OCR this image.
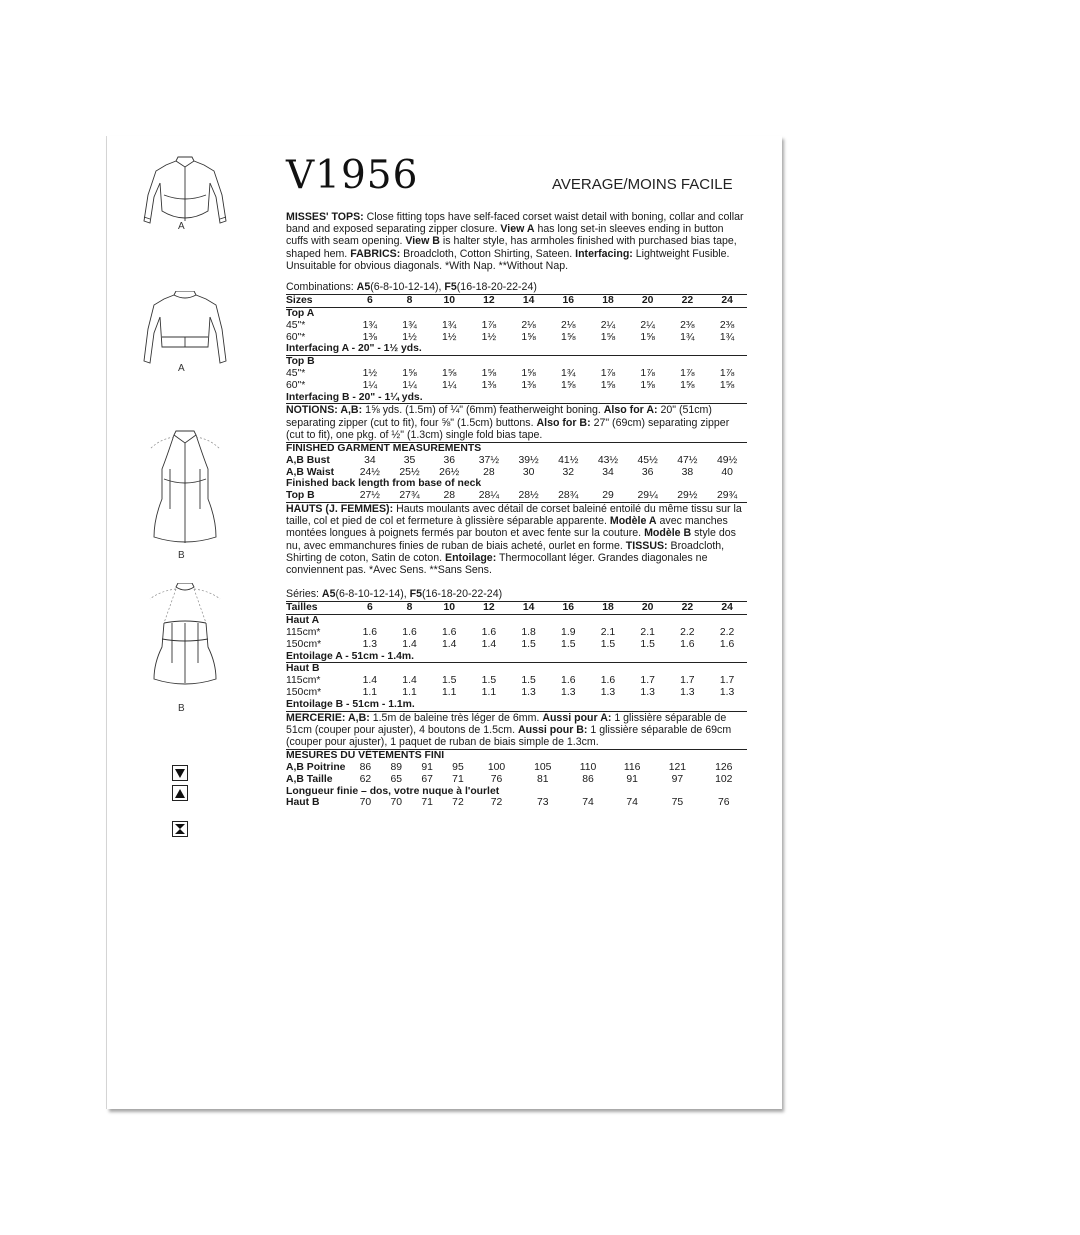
A
A
B
B
V1956	AVERAGE/MOINS FACILE

MISSES' TOPS: Close fitting tops have self-faced corset waist detail with boning, collar and collar band and exposed separating zipper closure. View A has long set-in sleeves ending in button cuffs with seam opening. View B is halter style, has armholes finished with purchased bias tape, shaped hem. FABRICS: Broadcloth, Cotton Shirting, Sateen. Interfacing: Lightweight Fusible. Unsuitable for obvious diagonals. *With Nap. **Without Nap.

Combinations: A5(6-8-10-12-14), F5(16-18-20-22-24)
Sizes	6	8	10	12	14	16	18	20	22	24
Top A										
45"*	1¾	1¾	1¾	1⅞	2⅛	2⅛	2¼	2¼	2⅜	2⅜
60"*	1⅜	1½	1½	1½	1⅝	1⅝	1⅝	1⅝	1¾	1¾
Interfacing A - 20" - 1½ yds.										
Top B										
45"*	1½	1⅝	1⅝	1⅝	1⅝	1¾	1⅞	1⅞	1⅞	1⅞
60"*	1¼	1¼	1¼	1⅜	1⅜	1⅝	1⅝	1⅝	1⅝	1⅝
Interfacing B - 20" - 1¼ yds.										

NOTIONS: A,B: 1⅝ yds. (1.5m) of ¼" (6mm) featherweight boning. Also for A: 20" (51cm) separating zipper (cut to fit), four ⅝" (1.5cm) buttons. Also for B: 27" (69cm) separating zipper (cut to fit), one pkg. of ½" (1.3cm) single fold bias tape.

FINISHED GARMENT MEASUREMENTS										
A,B Bust	34	35	36	37½	39½	41½	43½	45½	47½	49½
A,B Waist	24½	25½	26½	28	30	32	34	36	38	40
Finished back length from base of neck										
Top B	27½	27¾	28	28¼	28½	28¾	29	29¼	29½	29¾

HAUTS (J. FEMMES): Hauts moulants avec détail de corset baleiné entoilé du même tissu sur la taille, col et pied de col et fermeture à glissière séparable apparente. Modèle A avec manches montées longues à poignets fermés par bouton et avec fente sur la couture. Modèle B style dos nu, avec emmanchures finies de ruban de biais acheté, ourlet en forme. TISSUS: Broadcloth, Shirting de coton, Satin de coton. Entoilage: Thermocollant léger. Grandes diagonales ne conviennent pas. *Avec Sens. **Sans Sens.

Séries: A5(6-8-10-12-14), F5(16-18-20-22-24)
Tailles	6	8	10	12	14	16	18	20	22	24
Haut A										
115cm*	1.6	1.6	1.6	1.6	1.8	1.9	2.1	2.1	2.2	2.2
150cm*	1.3	1.4	1.4	1.4	1.5	1.5	1.5	1.5	1.6	1.6
Entoilage A - 51cm - 1.4m.										
Haut B										
115cm*	1.4	1.4	1.5	1.5	1.5	1.6	1.6	1.7	1.7	1.7
150cm*	1.1	1.1	1.1	1.1	1.3	1.3	1.3	1.3	1.3	1.3
Entoilage B - 51cm - 1.1m.										

MERCERIE: A,B: 1.5m de baleine très léger de 6mm. Aussi pour A: 1 glissière séparable de 51cm (couper pour ajuster), 4 boutons de 1.5cm. Aussi pour B: 1 glissière séparable de 69cm (couper pour ajuster), 1 paquet de ruban de biais simple de 1.3cm.

MESURES DU VÊTEMENTS FINI										
A,B Poitrine	86	89	91	95	100	105	110	116	121	126
A,B Taille	62	65	67	71	76	81	86	91	97	102
Longueur finie – dos, votre nuque à l'ourlet										
Haut B	70	70	71	72	72	73	74	74	75	76
